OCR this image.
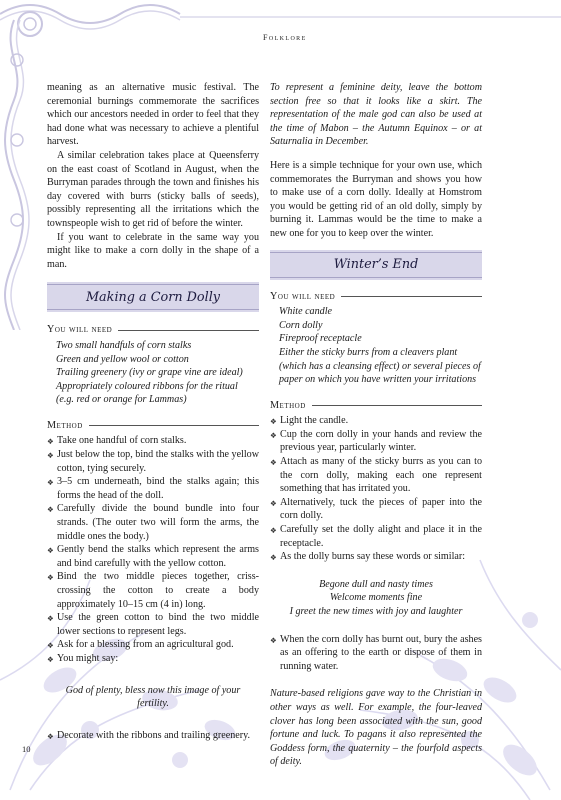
Folklore

meaning as an alternative music festival. The ceremonial burnings commemorate the sacrifices which our ancestors needed in order to feel that they had done what was necessary to achieve a plentiful harvest.

A similar celebration takes place at Queensferry on the east coast of Scotland in August, when the Burryman parades through the town and finishes his day covered with burrs (sticky balls of seeds), possibly representing all the irritations which the townspeople wish to get rid of before the winter.

If you want to celebrate in the same way you might like to make a corn dolly in the shape of a man.

Making a Corn Dolly
You will need
Two small handfuls of corn stalks
Green and yellow wool or cotton
Trailing greenery (ivy or grape vine are ideal)
Appropriately coloured ribbons for the ritual
(e.g. red or orange for Lammas)
Method
❖ Take one handful of corn stalks.
❖ Just below the top, bind the stalks with the yellow cotton, tying securely.
❖ 3–5 cm underneath, bind the stalks again; this forms the head of the doll.
❖ Carefully divide the bound bundle into four strands. (The outer two will form the arms, the middle ones the body.)
❖ Gently bend the stalks which represent the arms and bind carefully with the yellow cotton.
❖ Bind the two middle pieces together, criss-crossing the cotton to create a body approximately 10–15 cm (4 in) long.
❖ Use the green cotton to bind the two middle lower sections to represent legs.
❖ Ask for a blessing from an agricultural god.
❖ You might say:

God of plenty, bless now this image of your fertility.

❖ Decorate with the ribbons and trailing greenery.

To represent a feminine deity, leave the bottom section free so that it looks like a skirt. The representation of the male god can also be used at the time of Mabon – the Autumn Equinox – or at Saturnalia in December.

Here is a simple technique for your own use, which commemorates the Burryman and shows you how to make use of a corn dolly. Ideally at Homstrom you would be getting rid of an old dolly, simply by burning it. Lammas would be the time to make a new one for you to keep over the winter.

Winter’s End
You will need
White candle
Corn dolly
Fireproof receptacle
Either the sticky burrs from a cleavers plant
(which has a cleansing effect) or several pieces of
paper on which you have written your irritations
Method
❖ Light the candle.
❖ Cup the corn dolly in your hands and review the previous year, particularly winter.
❖ Attach as many of the sticky burrs as you can to the corn dolly, making each one represent something that has irritated you.
❖ Alternatively, tuck the pieces of paper into the corn dolly.
❖ Carefully set the dolly alight and place it in the receptacle.
❖ As the dolly burns say these words or similar:

Begone dull and nasty times

Welcome moments fine

I greet the new times with joy and laughter

❖ When the corn dolly has burnt out, bury the ashes as an offering to the earth or dispose of them in running water.

Nature-based religions gave way to the Christian in other ways as well. For example, the four-leaved clover has long been associated with the sun, good fortune and luck. To pagans it also represented the Goddess form, the quaternity – the fourfold aspects of deity.

10
